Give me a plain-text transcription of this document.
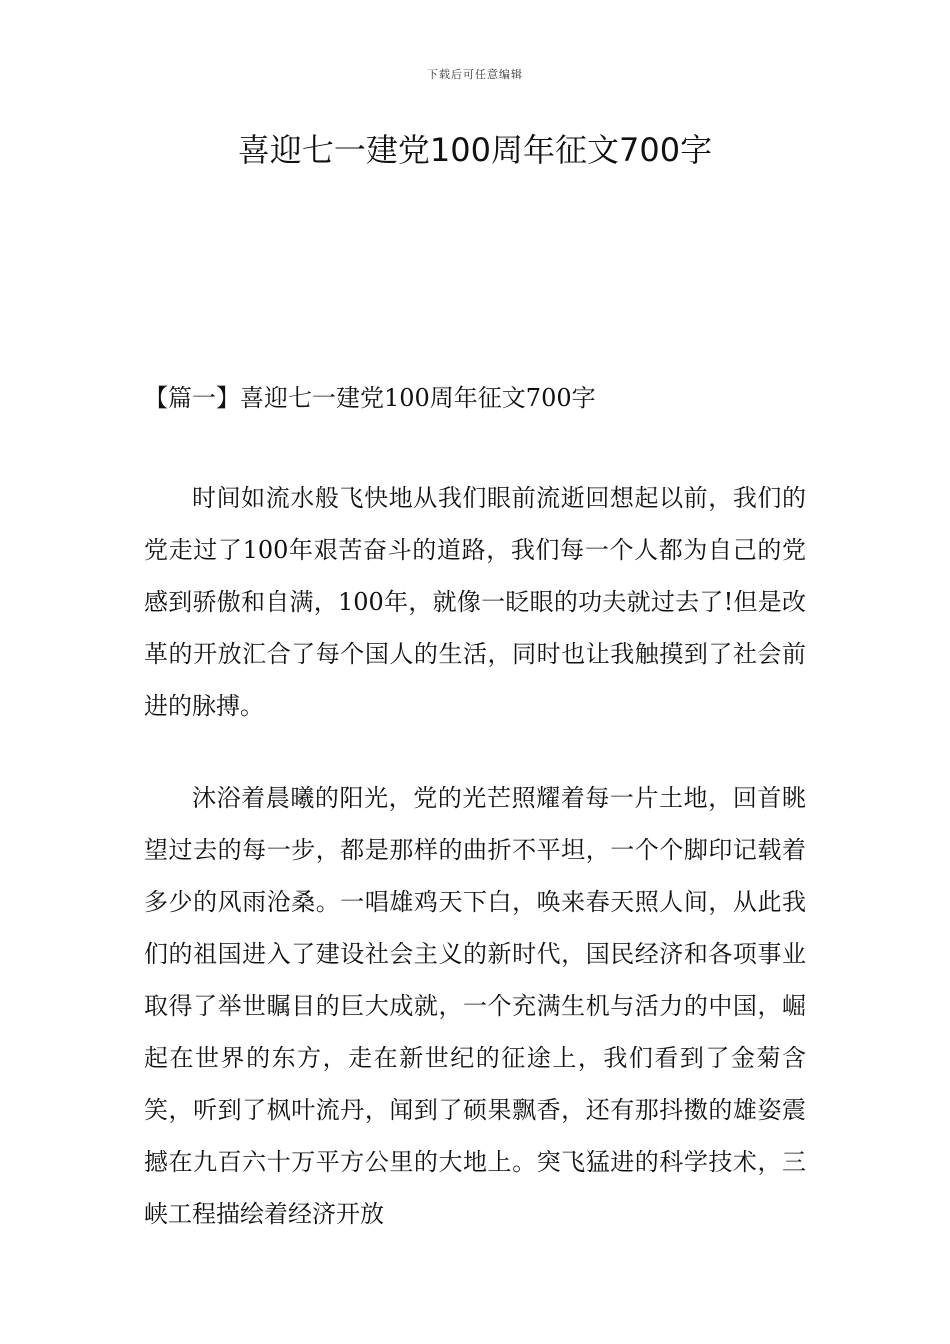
下载后可任意编辑
喜迎七一建党100周年征文700字
【篇一】喜迎七一建党100周年征文700字

时间如流水般飞快地从我们眼前流逝回想起以前，我们的党走过了100年艰苦奋斗的道路，我们每一个人都为自己的党感到骄傲和自满，100年，就像一眨眼的功夫就过去了!但是改革的开放汇合了每个国人的生活，同时也让我触摸到了社会前进的脉搏。

沐浴着晨曦的阳光，党的光芒照耀着每一片土地，回首眺望过去的每一步，都是那样的曲折不平坦，一个个脚印记载着多少的风雨沧桑。一唱雄鸡天下白，唤来春天照人间，从此我们的祖国进入了建设社会主义的新时代，国民经济和各项事业取得了举世瞩目的巨大成就，一个充满生机与活力的中国，崛起在世界的东方，走在新世纪的征途上，我们看到了金菊含笑，听到了枫叶流丹，闻到了硕果飘香，还有那抖擞的雄姿震撼在九百六十万平方公里的大地上。突飞猛进的科学技术，三峡工程描绘着经济开放
